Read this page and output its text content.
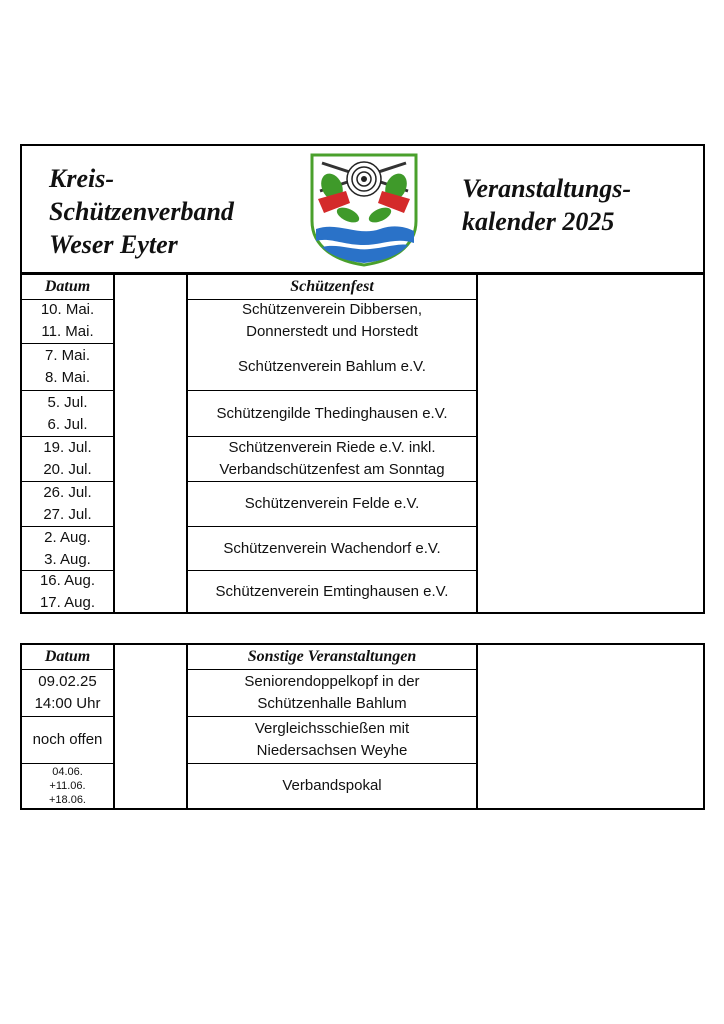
Kreis-
Schützenverband
Weser Eyter
Veranstaltungs-
kalender 2025
Datum	Schützenfest
10. Mai.
11. Mai.
Schützenverein Dibbersen,
Donnerstedt und Horstedt
7. Mai.
8. Mai.
Schützenverein Bahlum e.V.
5. Jul.
6. Jul.
Schützengilde Thedinghausen e.V.
19. Jul.
20. Jul.
Schützenverein Riede e.V. inkl.
Verbandschützenfest am Sonntag
26. Jul.
27. Jul.
Schützenverein Felde e.V.
2. Aug.
3. Aug.
Schützenverein Wachendorf e.V.
16. Aug.
17. Aug.
Schützenverein Emtinghausen e.V.
Datum	Sonstige Veranstaltungen
09.02.25
14:00 Uhr
Seniorendoppelkopf in der
Schützenhalle Bahlum
noch offen
Vergleichsschießen mit
Niedersachsen Weyhe
04.06.
+11.06.
+18.06.
Verbandspokal
